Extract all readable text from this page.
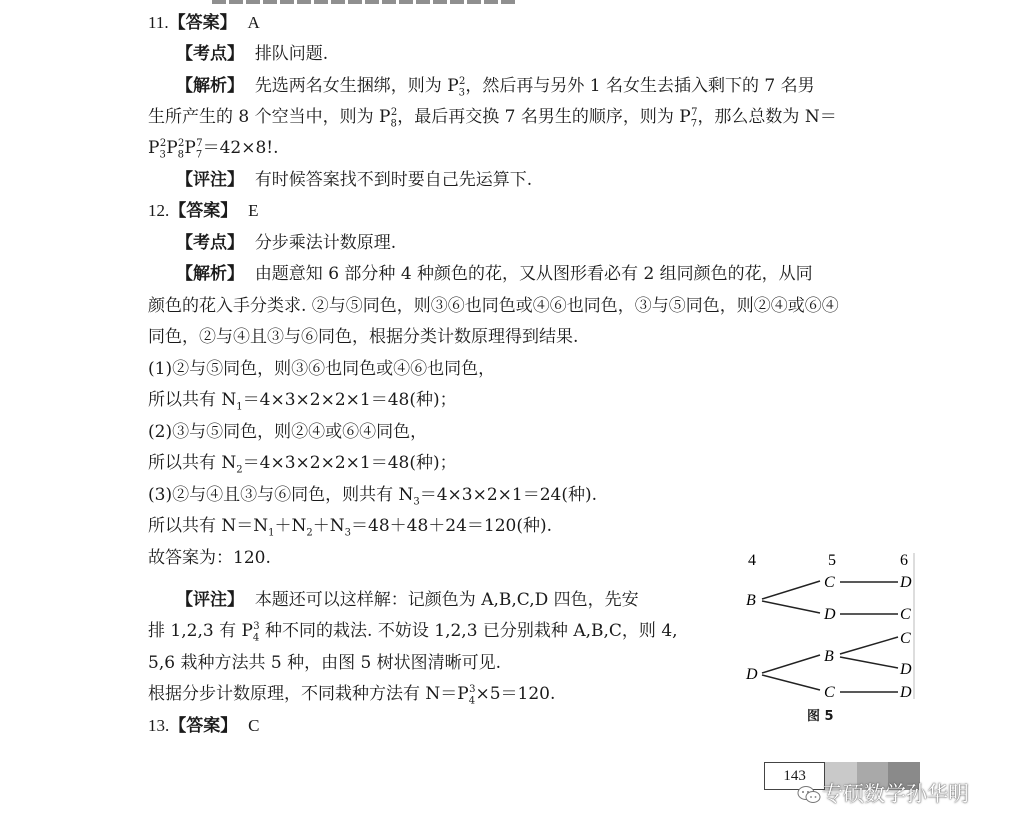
11.【答案】 A
【考点】 排队问题.
【解析】 先选两名女生捆绑，则为 $P_3^2$，然后再与另外 1 名女生去插入剩下的 7 名男
生所产生的 8 个空当中，则为 $P_8^2$，最后再交换 7 名男生的顺序，则为 $P_7^7$，那么总数为 N＝
$P_3^2P_8^2P_7^7=42\times 8$!.
【评注】 有时候答案找不到时要自己先运算下.
12.【答案】 E
【考点】 分步乘法计数原理.
【解析】 由题意知 6 部分种 4 种颜色的花，又从图形看必有 2 组同颜色的花，从同
颜色的花入手分类求. ②与⑤同色，则③⑥也同色或④⑥也同色，③与⑤同色，则②④或⑥④
同色，②与④且③与⑥同色，根据分类计数原理得到结果.
(1)②与⑤同色，则③⑥也同色或④⑥也同色，
所以共有 $N_1=4\times 3\times 2\times 2\times 1=48$(种)；
(2)③与⑤同色，则②④或⑥④同色，
所以共有 $N_2=4\times 3\times 2\times 2\times 1=48$(种)；
(3)②与④且③与⑥同色，则共有 $N_3=4\times 3\times 2\times 1=24$(种).
所以共有 $N=N_1+N_2+N_3=48+48+24=120$(种).
故答案为：120.
【评注】 本题还可以这样解：记颜色为 A,B,C,D 四色，先安
排 1,2,3 有 $P_4^3$ 种不同的栽法. 不妨设 1,2,3 已分别栽种 A,B,C，则 4,
5,6 栽种方法共 5 种，由图 5 树状图清晰可见.
根据分步计数原理，不同栽种方法有 $N=P_4^3\times 5=120$.
13.【答案】 C
4	5	6
B
C
D
D
C
D
B
C
D
C	D
图 5
143
专硕数学孙华明
